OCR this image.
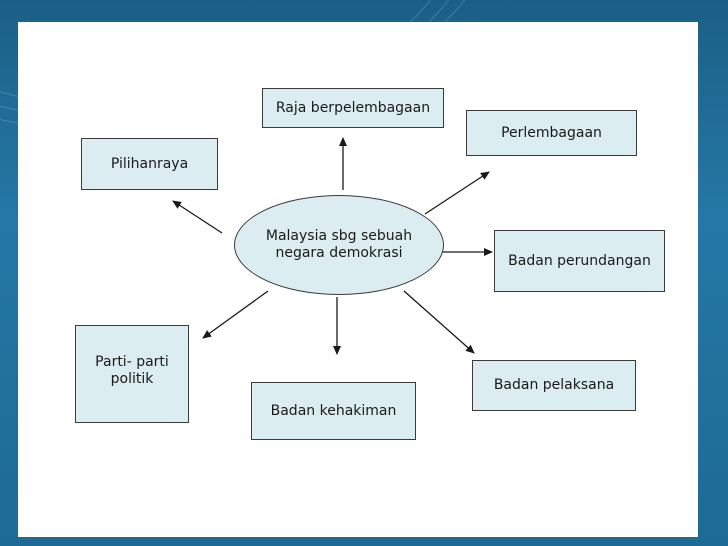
Malaysia sbg sebuah
negara demokrasi
Raja berpelembagaan
Perlembagaan
Pilihanraya
Badan perundangan
Parti- parti
politik	Badan pelaksana
Badan kehakiman
